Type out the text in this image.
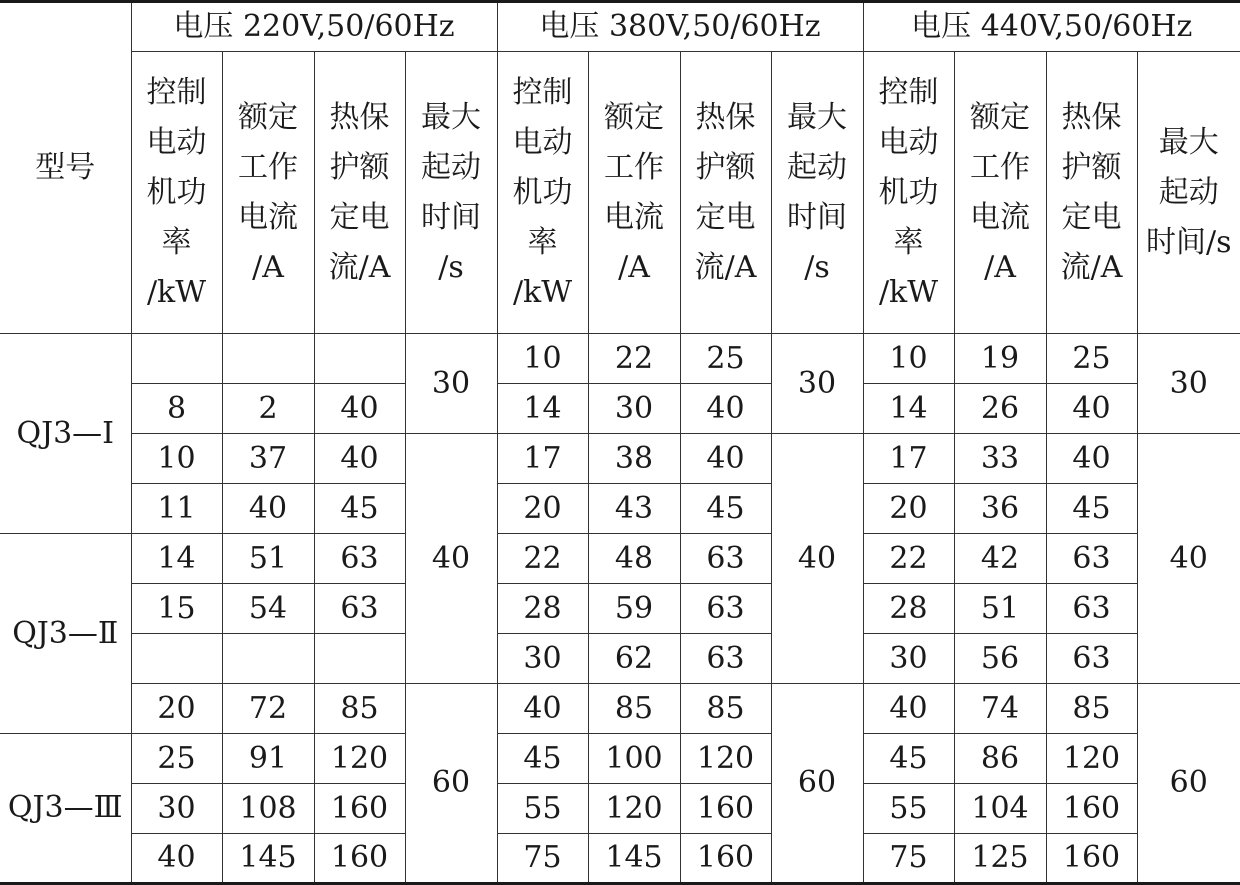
型号	电压 220V,50/60Hz				电压 380V,50/60Hz				电压 440V,50/60Hz			

	控制
电动
机功
率
/kW	额定
工作
电流
/A	热保
护额
定电
流/A	最大
起动
时间
/s	控制
电动
机功
率
/kW	额定
工作
电流
/A	热保
护额
定电
流/A	最大
起动
时间
/s	控制
电动
机功
率
/kW	额定
工作
电流
/A	热保
护额
定电
流/A	最大
起动
时间/s

QJ3—Ⅰ				30	10	22	25	30	10	19	25	30
	8	2	40		14	30	40		14	26	40	
	10	37	40	40	17	38	40	40	17	33	40	40
	11	40	45		20	43	45		20	36	45	
QJ3—Ⅱ	14	51	63		22	48	63		22	42	63	
	15	54	63		28	59	63		28	51	63	
					30	62	63		30	56	63	
	20	72	85	60	40	85	85	60	40	74	85	60
QJ3—Ⅲ	25	91	120		45	100	120		45	86	120	
	30	108	160		55	120	160		55	104	160	
	40	145	160		75	145	160		75	125	160	
